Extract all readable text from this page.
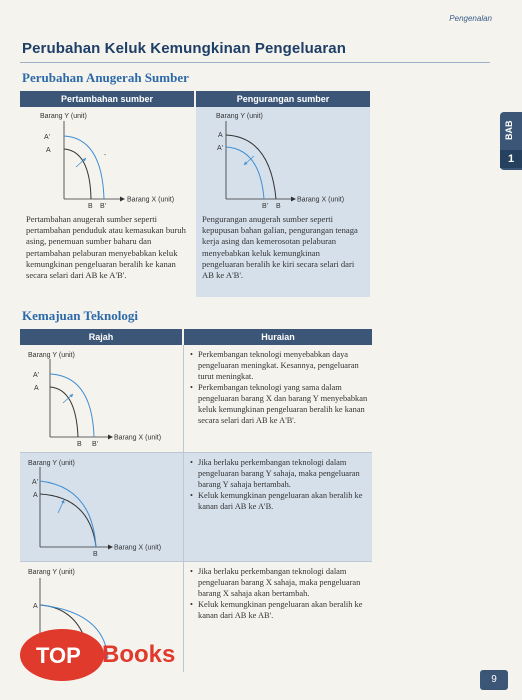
Pengenalan
Perubahan Keluk Kemungkinan Pengeluaran
Perubahan Anugerah Sumber
Pertambahan sumber	Pengurangan sumber
Barang Y (unit)
Barang X (unit)
A'
A
B B'
-
Pertambahan anugerah sumber seperti pertambahan penduduk atau kemasukan buruh asing, penemuan sumber baharu dan pertambahan pelaburan menyebabkan keluk kemungkinan pengeluaran beralih ke kanan secara selari dari AB ke A'B'.
Barang Y (unit)
Barang X (unit)
A
A'
B' B
Pengurangan anugerah sumber seperti kepupusan bahan galian, pengurangan tenaga kerja asing dan kemerosotan pelaburan menyebabkan keluk kemungkinan pengeluaran beralih ke kiri secara selari dari AB ke A'B'.
Kemajuan Teknologi
Rajah	Huraian
Barang Y (unit)
Barang X (unit)
A'
A
B B'
• Perkembangan teknologi menyebabkan daya pengeluaran meningkat. Kesannya, pengeluaran turut meningkat.
• Perkembangan teknologi yang sama dalam pengeluaran barang X dan barang Y menyebabkan keluk kemungkinan pengeluaran beralih ke kanan secara selari dari AB ke A'B'.
Barang Y (unit)
Barang X (unit)
A'
A
B
• Jika berlaku perkembangan teknologi dalam pengeluaran barang Y sahaja, maka pengeluaran barang Y sahaja bertambah.
• Keluk kemungkinan pengeluaran akan beralih ke kanan dari AB ke A'B.
Barang Y (unit)
A
• Jika berlaku perkembangan teknologi dalam pengeluaran barang X sahaja, maka pengeluaran barang X sahaja akan bertambah.
• Keluk kemungkinan pengeluaran akan beralih ke kanan dari AB ke AB'.
BAB
1
9
TOP Books
